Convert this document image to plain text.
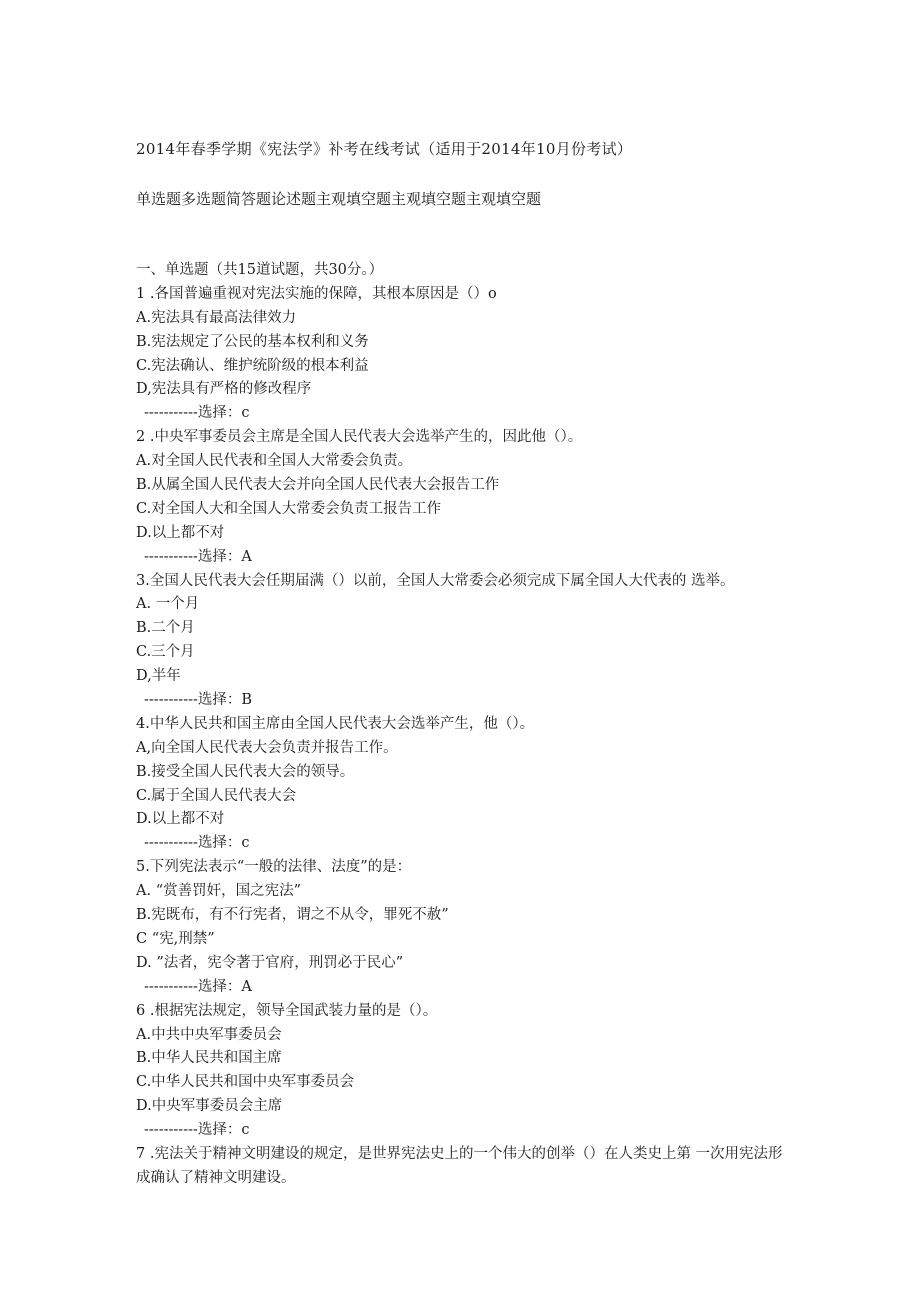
2014年春季学期《宪法学》补考在线考试（适用于2014年10月份考试）
单选题多选题简答题论述题主观填空题主观填空题主观填空题
一、单选题（共15道试题，共30分。）
1 .各国普遍重视对宪法实施的保障，其根本原因是（）o
A.宪法具有最高法律效力
B.宪法规定了公民的基本权利和义务
C.宪法确认、维护统阶级的根本利益
D,宪法具有严格的修改程序
-----------选择：c
2 .中央军事委员会主席是全国人民代表大会选举产生的，因此他（）。
A.对全国人民代表和全国人大常委会负责。
B.从属全国人民代表大会并向全国人民代表大会报告工作
C.对全国人大和全国人大常委会负责工报告工作
D.以上都不对
-----------选择：A
3.全国人民代表大会任期届满（）以前，全国人大常委会必须完成下属全国人大代表的 选举。
A. 一个月
B.二个月
C.三个月
D,半年
-----------选择：B
4.中华人民共和国主席由全国人民代表大会选举产生，他（）。
A,向全国人民代表大会负责并报告工作。
B.接受全国人民代表大会的领导。
C.属于全国人民代表大会
D.以上都不对
-----------选择：c
5.下列宪法表示“一般的法律、法度”的是：
A. “赏善罚奸，国之宪法”
B.宪既布，有不行宪者，谓之不从令，罪死不赦”
C “宪,刑禁”
D. ”法者，宪令著于官府，刑罚必于民心”
-----------选择：A
6 .根据宪法规定，领导全国武装力量的是（）。
A.中共中央军事委员会
B.中华人民共和国主席
C.中华人民共和国中央军事委员会
D.中央军事委员会主席
-----------选择：c
7 .宪法关于精神文明建设的规定，是世界宪法史上的一个伟大的创举（）在人类史上第 一次用宪法形成确认了精神文明建设。
